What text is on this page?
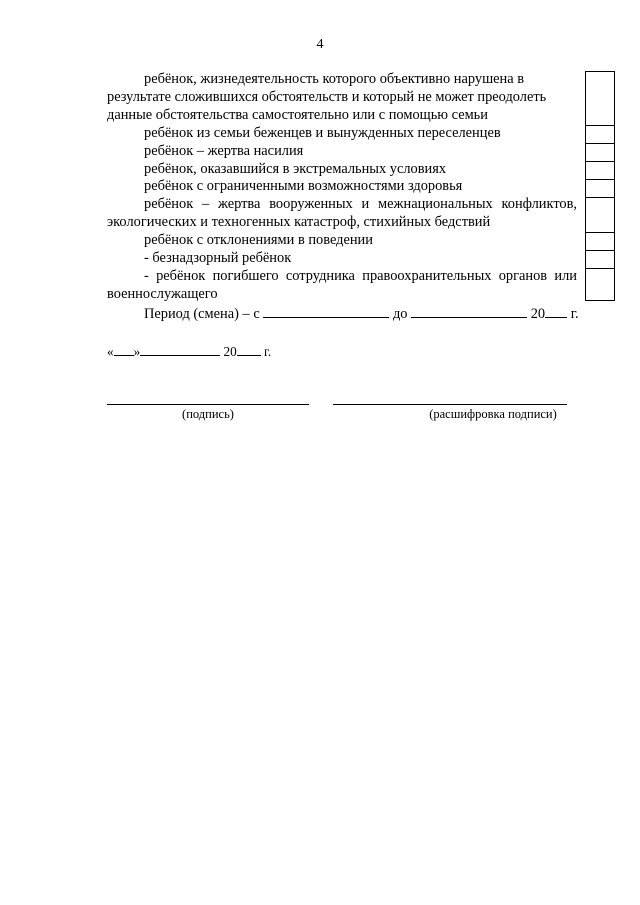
4
ребёнок, жизнедеятельность которого объективно нарушена в результате сложившихся обстоятельств и который не может преодолеть данные обстоятельства самостоятельно или с помощью семьи
ребёнок из семьи беженцев и вынужденных переселенцев
ребёнок – жертва насилия
ребёнок, оказавшийся в экстремальных условиях
ребёнок с ограниченными возможностями здоровья
ребёнок – жертва вооруженных и межнациональных конфликтов, экологических и техногенных катастроф, стихийных бедствий
ребёнок с отклонениями в поведении
- безнадзорный ребёнок
- ребёнок погибшего сотрудника правоохранительных органов или военнослужащего
Период (смена) – с	до	20 г.
« »	20 г.
(подпись)	(расшифровка подписи)
